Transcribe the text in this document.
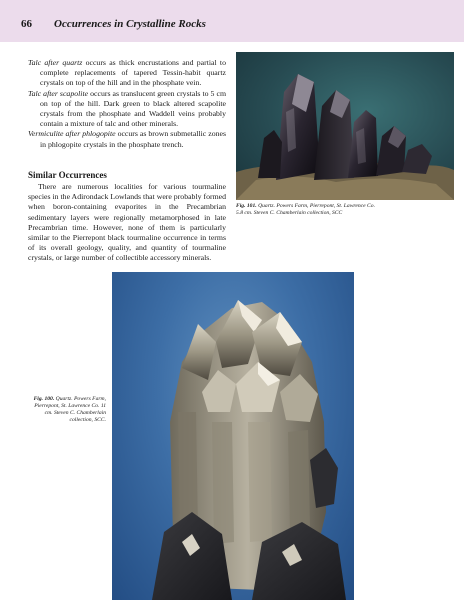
66 Occurrences in Crystalline Rocks

Talc after quartz occurs as thick encrustations and partial to complete replacements of tapered Tessin-habit quartz crystals on top of the hill and in the phosphate vein.

Talc after scapolite occurs as translucent green crystals to 5 cm on top of the hill. Dark green to black altered scapolite crystals from the phosphate and Waddell veins probably contain a mixture of talc and other minerals.

Vermiculite after phlogopite occurs as brown submetallic zones in phlogopite crystals in the phosphate trench.

Similar Occurrences

There are numerous localities for various tourmaline species in the Adirondack Lowlands that were probably formed when boron-containing evaporites in the Precambrian sedimentary layers were regionally metamorphosed in late Precambrian time. However, none of them is particularly similar to the Pierrepont black tourmaline occurrence in terms of its overall geology, quality, and quantity of tourmaline crystals, or large number of collectible accessory minerals.

Fig. 101. Quartz. Powers Farm, Pierrepont, St. Lawrence Co. 5.8 cm. Steven C. Chamberlain collection, SCC
Fig. 100. Quartz. Powers Farm, Pierrepont, St. Lawrence Co. 11 cm. Steven C. Chamberlain collection, SCC.
